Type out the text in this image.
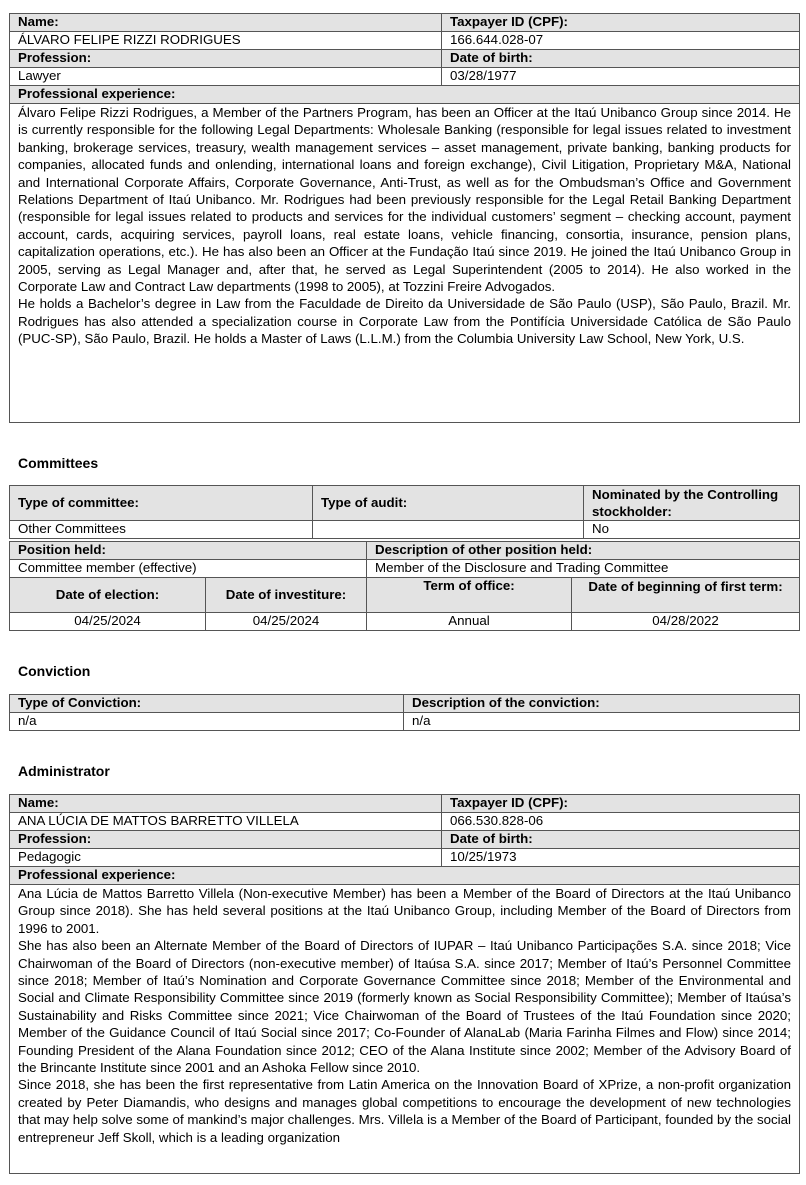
Name:	Taxpayer ID (CPF):
ÁLVARO FELIPE RIZZI RODRIGUES	166.644.028-07
Profession:	Date of birth:
Lawyer	03/28/1977
Professional experience:	

Álvaro Felipe Rizzi Rodrigues, a Member of the Partners Program, has been an Officer at the Itaú Unibanco Group since 2014. He is currently responsible for the following Legal Departments: Wholesale Banking (responsible for legal issues related to investment banking, brokerage services, treasury, wealth management services – asset management, private banking, banking products for companies, allocated funds and onlending, international loans and foreign exchange), Civil Litigation, Proprietary M&A, National and International Corporate Affairs, Corporate Governance, Anti-Trust, as well as for the Ombudsman’s Office and Government Relations Department of Itaú Unibanco. Mr. Rodrigues had been previously responsible for the Legal Retail Banking Department (responsible for legal issues related to products and services for the individual customers’ segment – checking account, payment account, cards, acquiring services, payroll loans, real estate loans, vehicle financing, consortia, insurance, pension plans, capitalization operations, etc.). He has also been an Officer at the Fundação Itaú since 2019. He joined the Itaú Unibanco Group in 2005, serving as Legal Manager and, after that, he served as Legal Superintendent (2005 to 2014). He also worked in the Corporate Law and Contract Law departments (1998 to 2005), at Tozzini Freire Advogados.

He holds a Bachelor’s degree in Law from the Faculdade de Direito da Universidade de São Paulo (USP), São Paulo, Brazil. Mr. Rodrigues has also attended a specialization course in Corporate Law from the Pontifícia Universidade Católica de São Paulo (PUC-SP), São Paulo, Brazil. He holds a Master of Laws (L.L.M.) from the Columbia University Law School, New York, U.S.	

Committees
Type of committee:	Type of audit:	Nominated by the Controlling stockholder:
Other Committees		No
Position held:	Description of other position held:
Committee member (effective)	Member of the Disclosure and Trading Committee
Date of election:	Date of investiture:	Term of office:	Date of beginning of first term:
04/25/2024	04/25/2024	Annual	04/28/2022
Conviction
Type of Conviction:	Description of the conviction:
n/a	n/a
Administrator
Name:	Taxpayer ID (CPF):
ANA LÚCIA DE MATTOS BARRETTO VILLELA	066.530.828-06
Profession:	Date of birth:
Pedagogic	10/25/1973
Professional experience:	

Ana Lúcia de Mattos Barretto Villela (Non-executive Member) has been a Member of the Board of Directors at the Itaú Unibanco Group since 2018). She has held several positions at the Itaú Unibanco Group, including Member of the Board of Directors from 1996 to 2001.

She has also been an Alternate Member of the Board of Directors of IUPAR – Itaú Unibanco Participações S.A. since 2018; Vice Chairwoman of the Board of Directors (non-executive member) of Itaúsa S.A. since 2017; Member of Itaú’s Personnel Committee since 2018; Member of Itaú’s Nomination and Corporate Governance Committee since 2018; Member of the Environmental and Social and Climate Responsibility Committee since 2019 (formerly known as Social Responsibility Committee); Member of Itaúsa’s Sustainability and Risks Committee since 2021; Vice Chairwoman of the Board of Trustees of the Itaú Foundation since 2020; Member of the Guidance Council of Itaú Social since 2017; Co-Founder of AlanaLab (Maria Farinha Filmes and Flow) since 2014; Founding President of the Alana Foundation since 2012; CEO of the Alana Institute since 2002; Member of the Advisory Board of the Brincante Institute since 2001 and an Ashoka Fellow since 2010.

Since 2018, she has been the first representative from Latin America on the Innovation Board of XPrize, a non-profit organization created by Peter Diamandis, who designs and manages global competitions to encourage the development of new technologies that may help solve some of mankind’s major challenges. Mrs. Villela is a Member of the Board of Participant, founded by the social entrepreneur Jeff Skoll, which is a leading organization	
